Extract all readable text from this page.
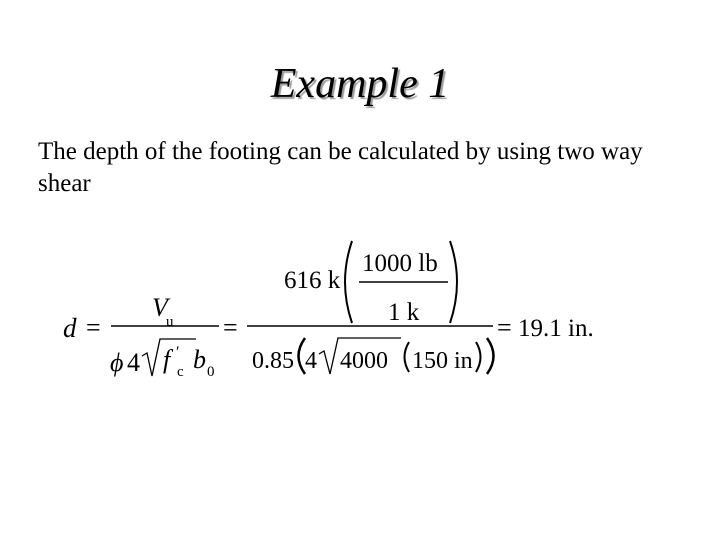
Example 1
The depth of the footing can be calculated by using two way shear
d =
V
u
ϕ 4 f ′
c b 0
=
616 k
1000 lb
1 k
0.85 4 4000 150 in
= 19.1 in.
